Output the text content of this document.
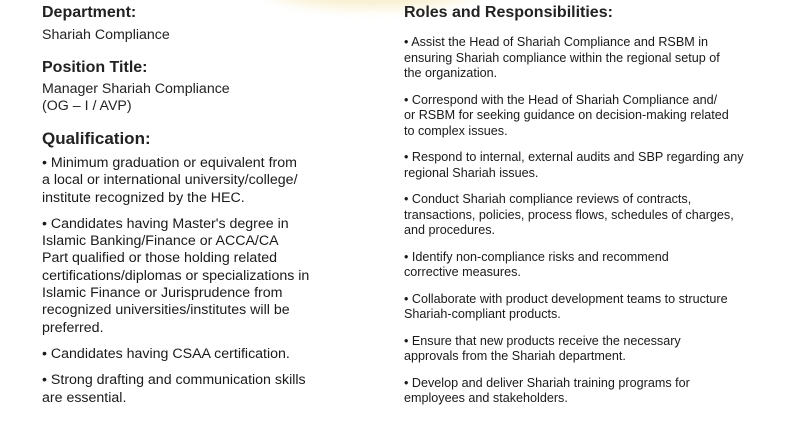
Department:

Shariah Compliance

Position Title:

Manager Shariah Compliance
(OG – I / AVP)

Qualification:
• Minimum graduation or equivalent from
a local or international university/college/
institute recognized by the HEC.
• Candidates having Master's degree in
Islamic Banking/Finance or ACCA/CA
Part qualified or those holding related
certifications/diplomas or specializations in
Islamic Finance or Jurisprudence from
recognized universities/institutes will be
preferred.
• Candidates having CSAA certification.
• Strong drafting and communication skills
are essential.
Roles and Responsibilities:
• Assist the Head of Shariah Compliance and RSBM in
ensuring Shariah compliance within the regional setup of
the organization.
• Correspond with the Head of Shariah Compliance and/
or RSBM for seeking guidance on decision-making related
to complex issues.
• Respond to internal, external audits and SBP regarding any
regional Shariah issues.
• Conduct Shariah compliance reviews of contracts,
transactions, policies, process flows, schedules of charges,
and procedures.
• Identify non-compliance risks and recommend
corrective measures.
• Collaborate with product development teams to structure
Shariah-compliant products.
• Ensure that new products receive the necessary
approvals from the Shariah department.
• Develop and deliver Shariah training programs for
employees and stakeholders.
